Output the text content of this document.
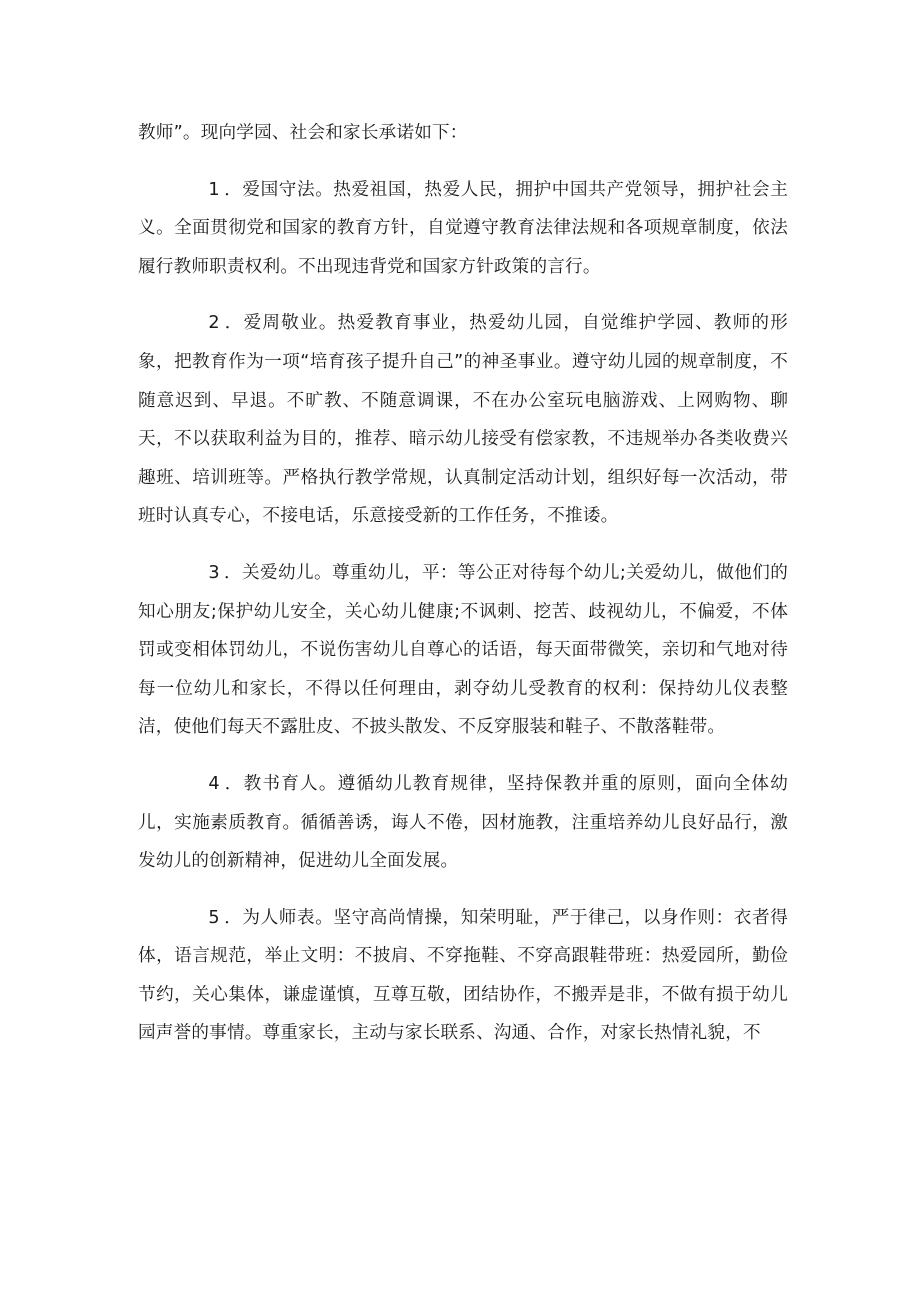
教师”。现向学园、社会和家长承诺如下：

1 ．爱国守法。热爱祖国，热爱人民，拥护中国共产党领导，拥护社会主义。全面贯彻党和国家的教育方针，自觉遵守教育法律法规和各项规章制度，依法履行教师职责权利。不出现违背党和国家方针政策的言行。

2 ．爱周敬业。热爱教育事业，热爱幼儿园，自觉维护学园、教师的形象，把教育作为一项“培育孩子提升自己”的神圣事业。遵守幼儿园的规章制度，不随意迟到、早退。不旷教、不随意调课，不在办公室玩电脑游戏、上网购物、聊天，不以获取利益为目的，推荐、暗示幼儿接受有偿家教，不违规举办各类收费兴趣班、培训班等。严格执行教学常规，认真制定活动计划，组织好每一次活动，带班时认真专心，不接电话，乐意接受新的工作任务，不推诿。

3 ．关爱幼儿。尊重幼儿，平：等公正对待每个幼儿;关爱幼儿，做他们的知心朋友;保护幼儿安全，关心幼儿健康;不讽刺、挖苦、歧视幼儿，不偏爱，不体罚或变相体罚幼儿，不说伤害幼儿自尊心的话语，每天面带微笑，亲切和气地对待每一位幼儿和家长，不得以任何理由，剥夺幼儿受教育的权利：保持幼儿仪表整洁，使他们每天不露肚皮、不披头散发、不反穿服装和鞋子、不散落鞋带。

4 ．教书育人。遵循幼儿教育规律，坚持保教并重的原则，面向全体幼儿，实施素质教育。循循善诱，诲人不倦，因材施教，注重培养幼儿良好品行，激发幼儿的创新精神，促进幼儿全面发展。

5 ．为人师表。坚守高尚情操，知荣明耻，严于律己，以身作则：衣者得体，语言规范，举止文明：不披肩、不穿拖鞋、不穿高跟鞋带班：热爱园所，勤俭节约，关心集体，谦虚谨慎，互尊互敬，团结协作，不搬弄是非，不做有损于幼儿园声誉的事情。尊重家长，主动与家长联系、沟通、合作，对家长热情礼貌，不
